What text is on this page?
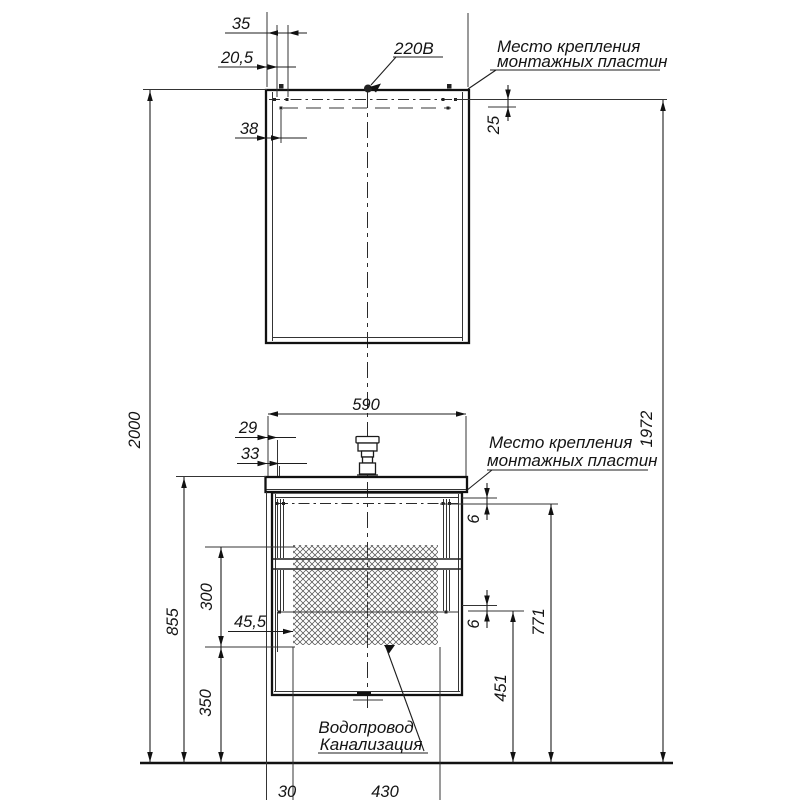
35
20,5
38
220В	Место крепления
монтажных пластин
25
2000	1972
590
29
33
Место крепления
монтажных пластин
855
300
45,5
350
6
6	771
451
Водопровод
Канализация
30	430
